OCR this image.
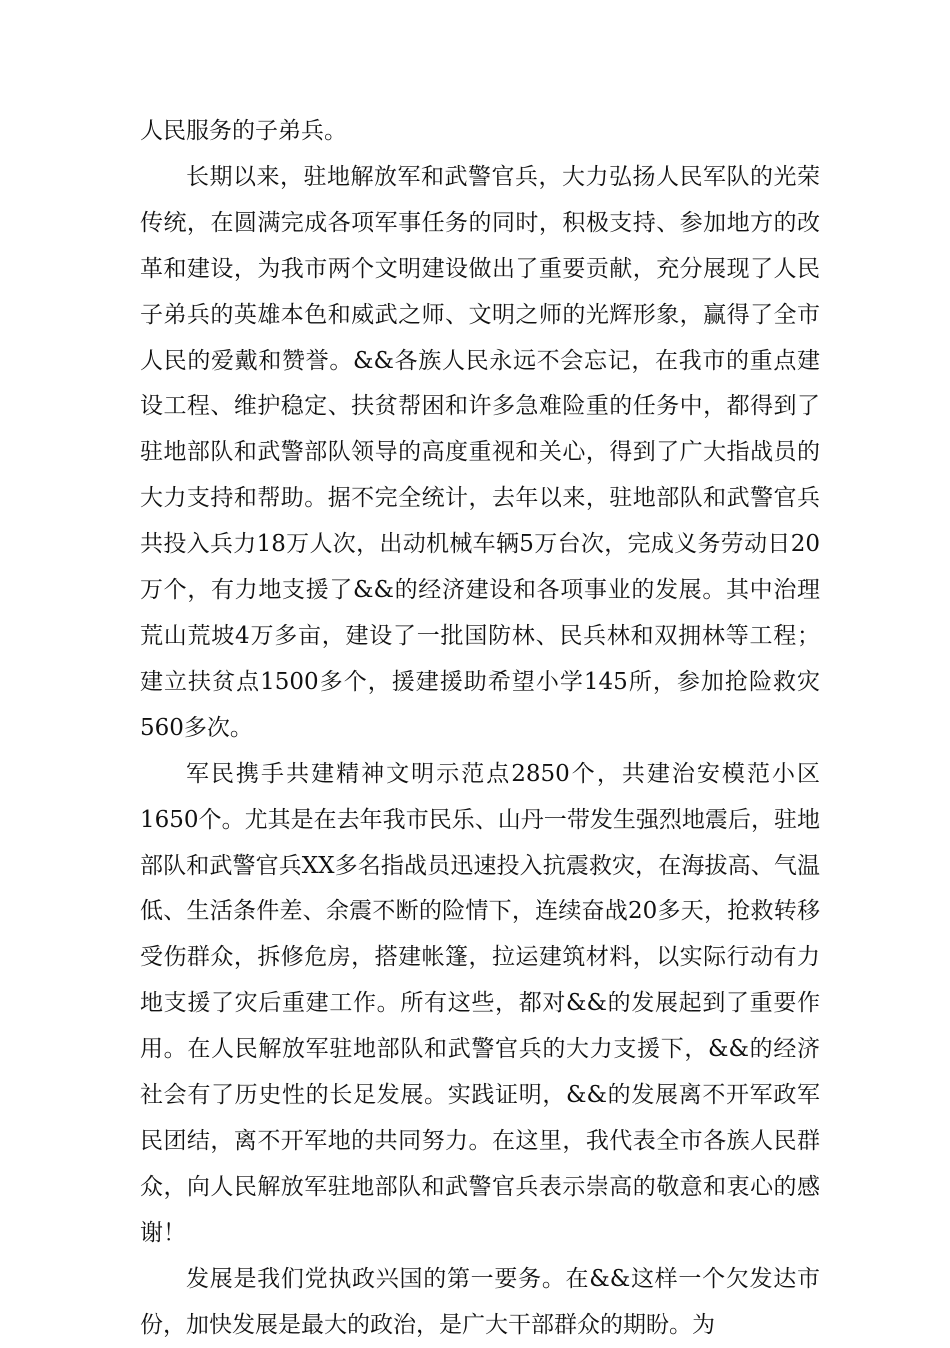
人民服务的子弟兵。

长期以来，驻地解放军和武警官兵，大力弘扬人民军队的光荣传统，在圆满完成各项军事任务的同时，积极支持、参加地方的改革和建设，为我市两个文明建设做出了重要贡献，充分展现了人民子弟兵的英雄本色和威武之师、文明之师的光辉形象，赢得了全市人民的爱戴和赞誉。&&各族人民永远不会忘记，在我市的重点建设工程、维护稳定、扶贫帮困和许多急难险重的任务中，都得到了驻地部队和武警部队领导的高度重视和关心，得到了广大指战员的大力支持和帮助。据不完全统计，去年以来，驻地部队和武警官兵共投入兵力18万人次，出动机械车辆5万台次，完成义务劳动日20万个，有力地支援了&&的经济建设和各项事业的发展。其中治理荒山荒坡4万多亩，建设了一批国防林、民兵林和双拥林等工程；建立扶贫点1500多个，援建援助希望小学145所，参加抢险救灾560多次。

军民携手共建精神文明示范点2850个，共建治安模范小区1650个。尤其是在去年我市民乐、山丹一带发生强烈地震后，驻地部队和武警官兵XX多名指战员迅速投入抗震救灾，在海拔高、气温低、生活条件差、余震不断的险情下，连续奋战20多天，抢救转移受伤群众，拆修危房，搭建帐篷，拉运建筑材料，以实际行动有力地支援了灾后重建工作。所有这些，都对&&的发展起到了重要作用。在人民解放军驻地部队和武警官兵的大力支援下，&&的经济社会有了历史性的长足发展。实践证明，&&的发展离不开军政军民团结，离不开军地的共同努力。在这里，我代表全市各族人民群众，向人民解放军驻地部队和武警官兵表示崇高的敬意和衷心的感谢！

发展是我们党执政兴国的第一要务。在&&这样一个欠发达市份，加快发展是最大的政治，是广大干部群众的期盼。为
